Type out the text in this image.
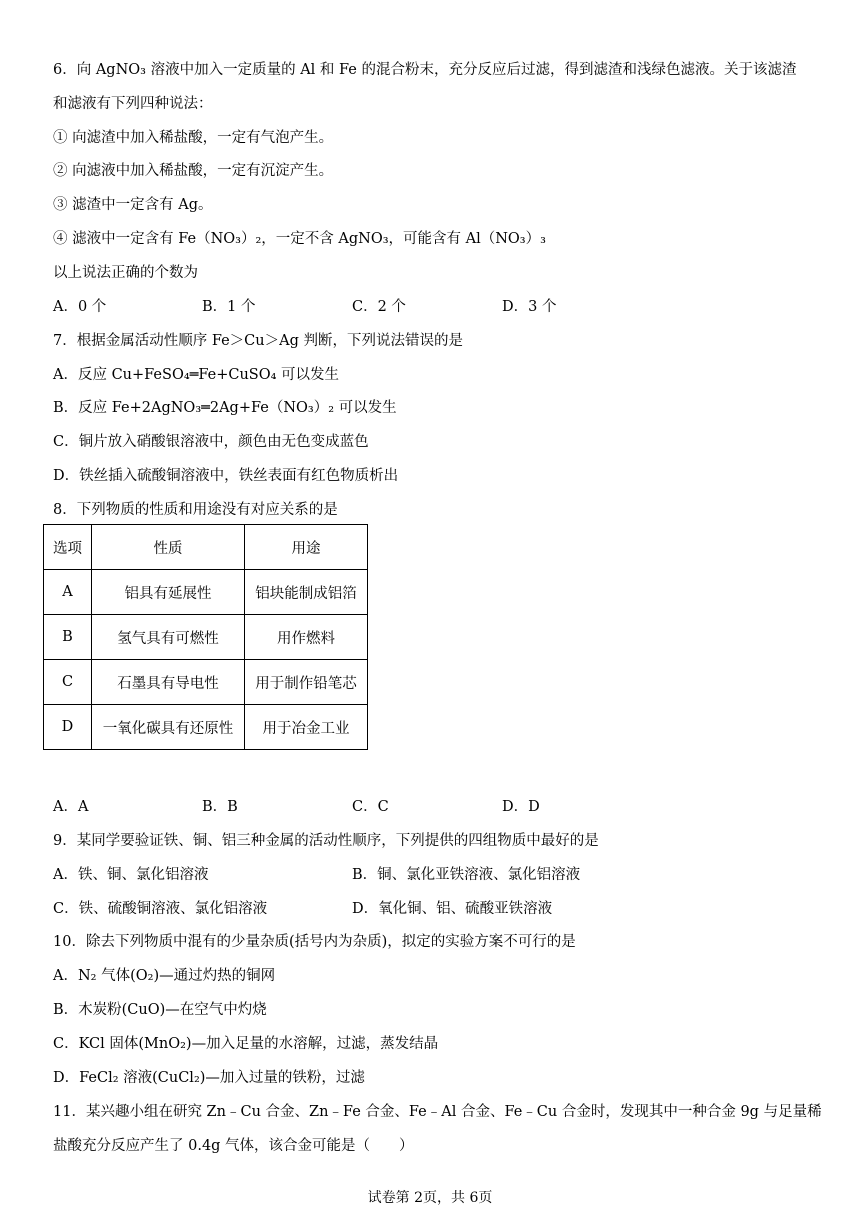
6．向 AgNO₃ 溶液中加入一定质量的 Al 和 Fe 的混合粉末，充分反应后过滤，得到滤渣和浅绿色滤液。关于该滤渣
和滤液有下列四种说法：
① 向滤渣中加入稀盐酸，一定有气泡产生。
② 向滤液中加入稀盐酸，一定有沉淀产生。
③ 滤渣中一定含有 Ag。
④ 滤液中一定含有 Fe（NO₃）₂，一定不含 AgNO₃，可能含有 Al（NO₃）₃
以上说法正确的个数为
A．0 个	B．1 个	C．2 个	D．3 个
7．根据金属活动性顺序 Fe＞Cu＞Ag 判断，下列说法错误的是
A．反应 Cu+FeSO₄═Fe+CuSO₄ 可以发生
B．反应 Fe+2AgNO₃═2Ag+Fe（NO₃）₂ 可以发生
C．铜片放入硝酸银溶液中，颜色由无色变成蓝色
D．铁丝插入硫酸铜溶液中，铁丝表面有红色物质析出
8．下列物质的性质和用途没有对应关系的是
选项	性质	用途
A	铝具有延展性	铝块能制成铝箔
B	氢气具有可燃性	用作燃料
C	石墨具有导电性	用于制作铅笔芯
D	一氧化碳具有还原性	用于冶金工业
A．A	B．B	C．C	D．D
9．某同学要验证铁、铜、铝三种金属的活动性顺序，下列提供的四组物质中最好的是
A．铁、铜、氯化铝溶液	B．铜、氯化亚铁溶液、氯化铝溶液
C．铁、硫酸铜溶液、氯化铝溶液	D．氧化铜、铝、硫酸亚铁溶液
10．除去下列物质中混有的少量杂质(括号内为杂质)，拟定的实验方案不可行的是
A．N₂ 气体(O₂)—通过灼热的铜网
B．木炭粉(CuO)—在空气中灼烧
C．KCl 固体(MnO₂)—加入足量的水溶解，过滤，蒸发结晶
D．FeCl₂ 溶液(CuCl₂)—加入过量的铁粉，过滤
11．某兴趣小组在研究 Zn﹣Cu 合金、Zn﹣Fe 合金、Fe﹣Al 合金、Fe﹣Cu 合金时，发现其中一种合金 9g 与足量稀
盐酸充分反应产生了 0.4g 气体，该合金可能是（　　）
试卷第 2页，共 6页
